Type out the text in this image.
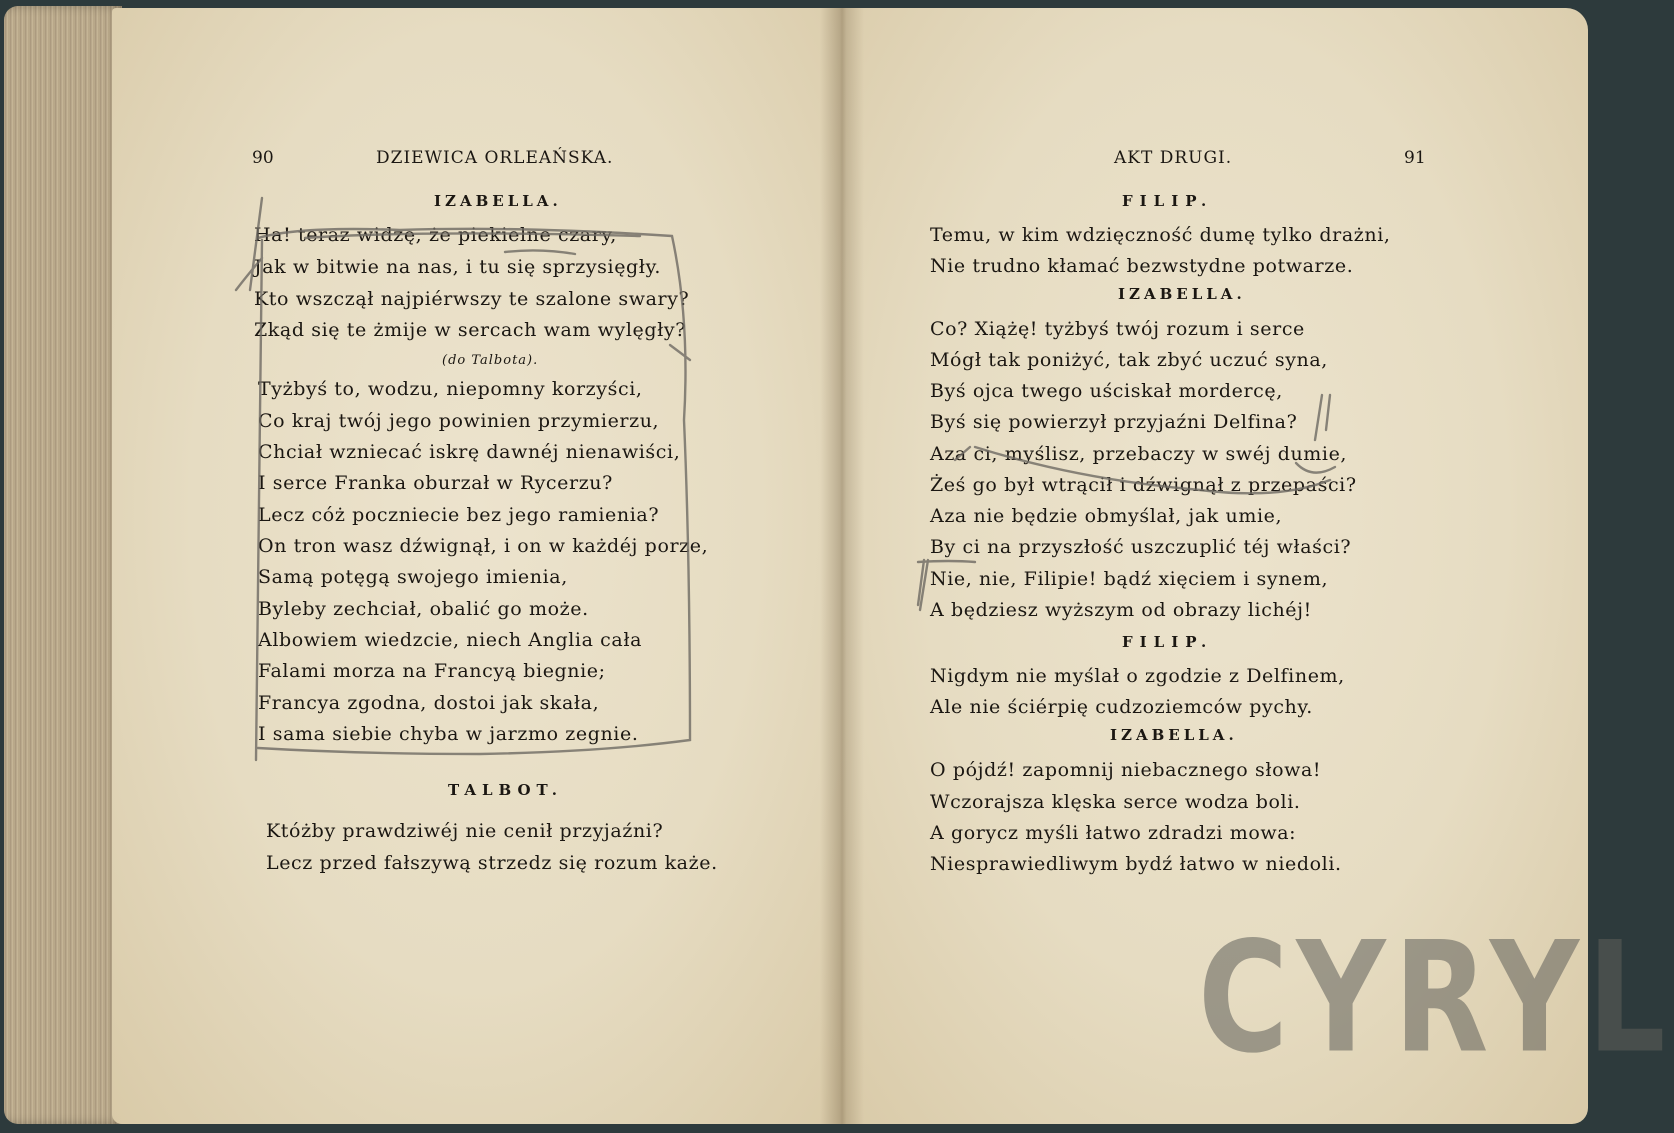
90	DZIEWICA ORLEAŃSKA.
IZABELLA.
Ha! teraz widzę, że piekielne czary,
Jak w bitwie na nas, i tu się sprzysięgły.
Kto wszczął najpiérwszy te szalone swary?
Zkąd się te żmije w sercach wam wylęgły?
(do Talbota).
Tyżbyś to, wodzu, niepomny korzyści,
Co kraj twój jego powinien przymierzu,
Chciał wzniecać iskrę dawnéj nienawiści,
I serce Franka oburzał w Rycerzu?
Lecz cóż poczniecie bez jego ramienia?
On tron wasz dźwignął, i on w każdéj porze,
Samą potęgą swojego imienia,
Byleby zechciał, obalić go może.
Albowiem wiedzcie, niech Anglia cała
Falami morza na Francyą biegnie;
Francya zgodna, dostoi jak skała,
I sama siebie chyba w jarzmo zegnie.
TALBOT.
Któżby prawdziwéj nie cenił przyjaźni?
Lecz przed fałszywą strzedz się rozum każe.
AKT DRUGI.	91
FILIP.
Temu, w kim wdzięczność dumę tylko drażni,
Nie trudno kłamać bezwstydne potwarze.
IZABELLA.
Co? Xiążę! tyżbyś twój rozum i serce
Mógł tak poniżyć, tak zbyć uczuć syna,
Byś ojca twego uściskał mordercę,
Byś się powierzył przyjaźni Delfina?
Aza ci, myślisz, przebaczy w swéj dumie,
Żeś go był wtrącił i dźwignął z przepaści?
Aza nie będzie obmyślał, jak umie,
By ci na przyszłość uszczuplić téj właści?
Nie, nie, Filipie! bądź xięciem i synem,
A będziesz wyższym od obrazy lichéj!
FILIP.
Nigdym nie myślał o zgodzie z Delfinem,
Ale nie ściérpię cudzoziemców pychy.
IZABELLA.
O pójdź! zapomnij niebacznego słowa!
Wczorajsza klęska serce wodza boli.
A gorycz myśli łatwo zdradzi mowa:
Niesprawiedliwym bydź łatwo w niedoli.
CYRYL
